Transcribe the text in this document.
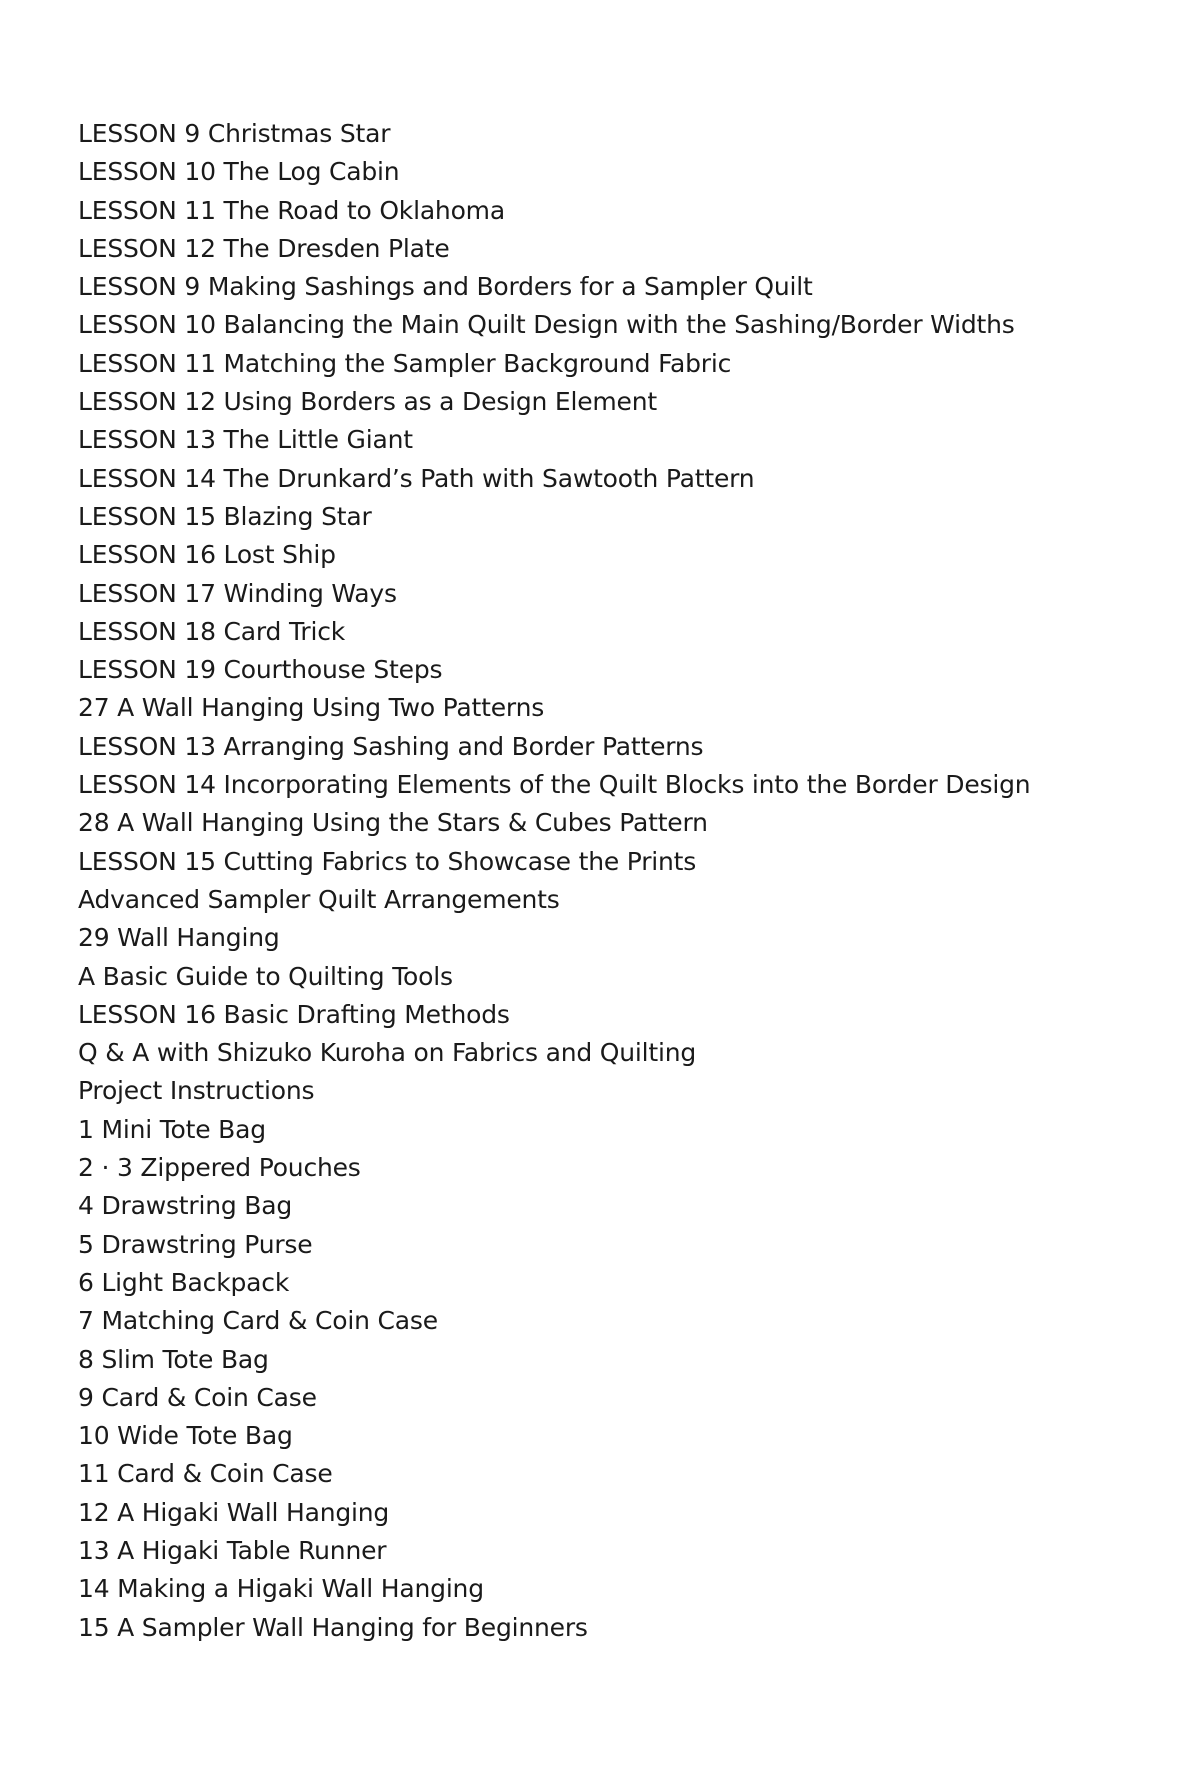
LESSON 9 Christmas Star
LESSON 10 The Log Cabin
LESSON 11 The Road to Oklahoma
LESSON 12 The Dresden Plate
LESSON 9 Making Sashings and Borders for a Sampler Quilt
LESSON 10 Balancing the Main Quilt Design with the Sashing/Border Widths
LESSON 11 Matching the Sampler Background Fabric
LESSON 12 Using Borders as a Design Element
LESSON 13 The Little Giant
LESSON 14 The Drunkard’s Path with Sawtooth Pattern
LESSON 15 Blazing Star
LESSON 16 Lost Ship
LESSON 17 Winding Ways
LESSON 18 Card Trick
LESSON 19 Courthouse Steps
27 A Wall Hanging Using Two Patterns
LESSON 13 Arranging Sashing and Border Patterns
LESSON 14 Incorporating Elements of the Quilt Blocks into the Border Design
28 A Wall Hanging Using the Stars & Cubes Pattern
LESSON 15 Cutting Fabrics to Showcase the Prints
Advanced Sampler Quilt Arrangements
29 Wall Hanging
A Basic Guide to Quilting Tools
LESSON 16 Basic Drafting Methods
Q & A with Shizuko Kuroha on Fabrics and Quilting
Project Instructions
1 Mini Tote Bag
2 · 3 Zippered Pouches
4 Drawstring Bag
5 Drawstring Purse
6 Light Backpack
7 Matching Card & Coin Case
8 Slim Tote Bag
9 Card & Coin Case
10 Wide Tote Bag
11 Card & Coin Case
12 A Higaki Wall Hanging
13 A Higaki Table Runner
14 Making a Higaki Wall Hanging
15 A Sampler Wall Hanging for Beginners
